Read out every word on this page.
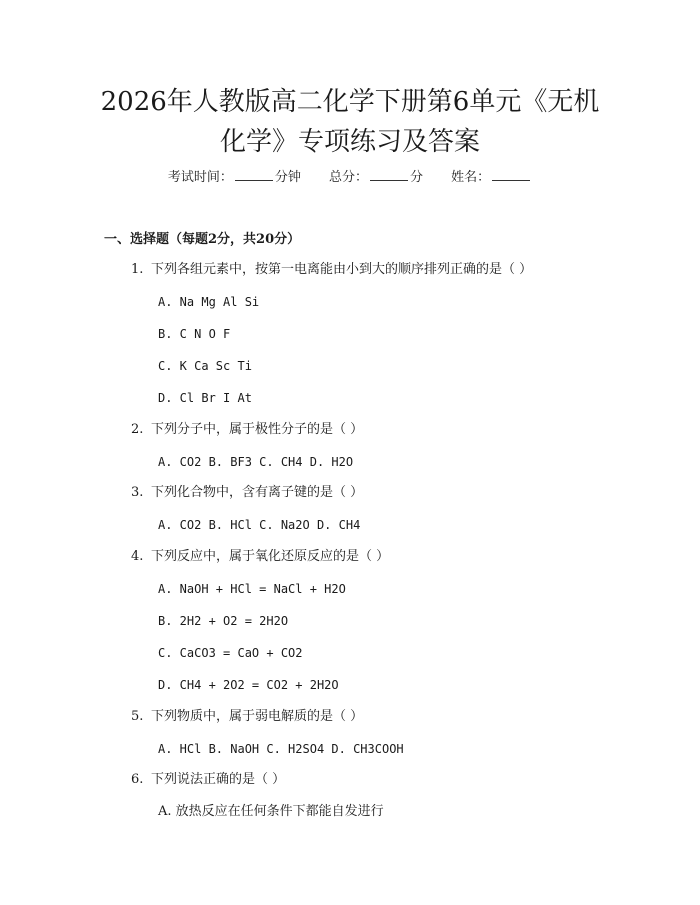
2026年人教版高二化学下册第6单元《无机
化学》专项练习及答案
考试时间：	分钟 总分：	分 姓名：
一、选择题（每题2分，共20分）
1. 下列各组元素中，按第一电离能由小到大的顺序排列正确的是（ ）
A. Na Mg Al Si
B. C N O F
C. K Ca Sc Ti
D. Cl Br I At
2. 下列分子中，属于极性分子的是（ ）
A. CO2 B. BF3 C. CH4 D. H2O
3. 下列化合物中，含有离子键的是（ ）
A. CO2 B. HCl C. Na2O D. CH4
4. 下列反应中，属于氧化还原反应的是（ ）
A. NaOH + HCl = NaCl + H2O
B. 2H2 + O2 = 2H2O
C. CaCO3 = CaO + CO2
D. CH4 + 2O2 = CO2 + 2H2O
5. 下列物质中，属于弱电解质的是（ ）
A. HCl B. NaOH C. H2SO4 D. CH3COOH
6. 下列说法正确的是（ ）
A. 放热反应在任何条件下都能自发进行
